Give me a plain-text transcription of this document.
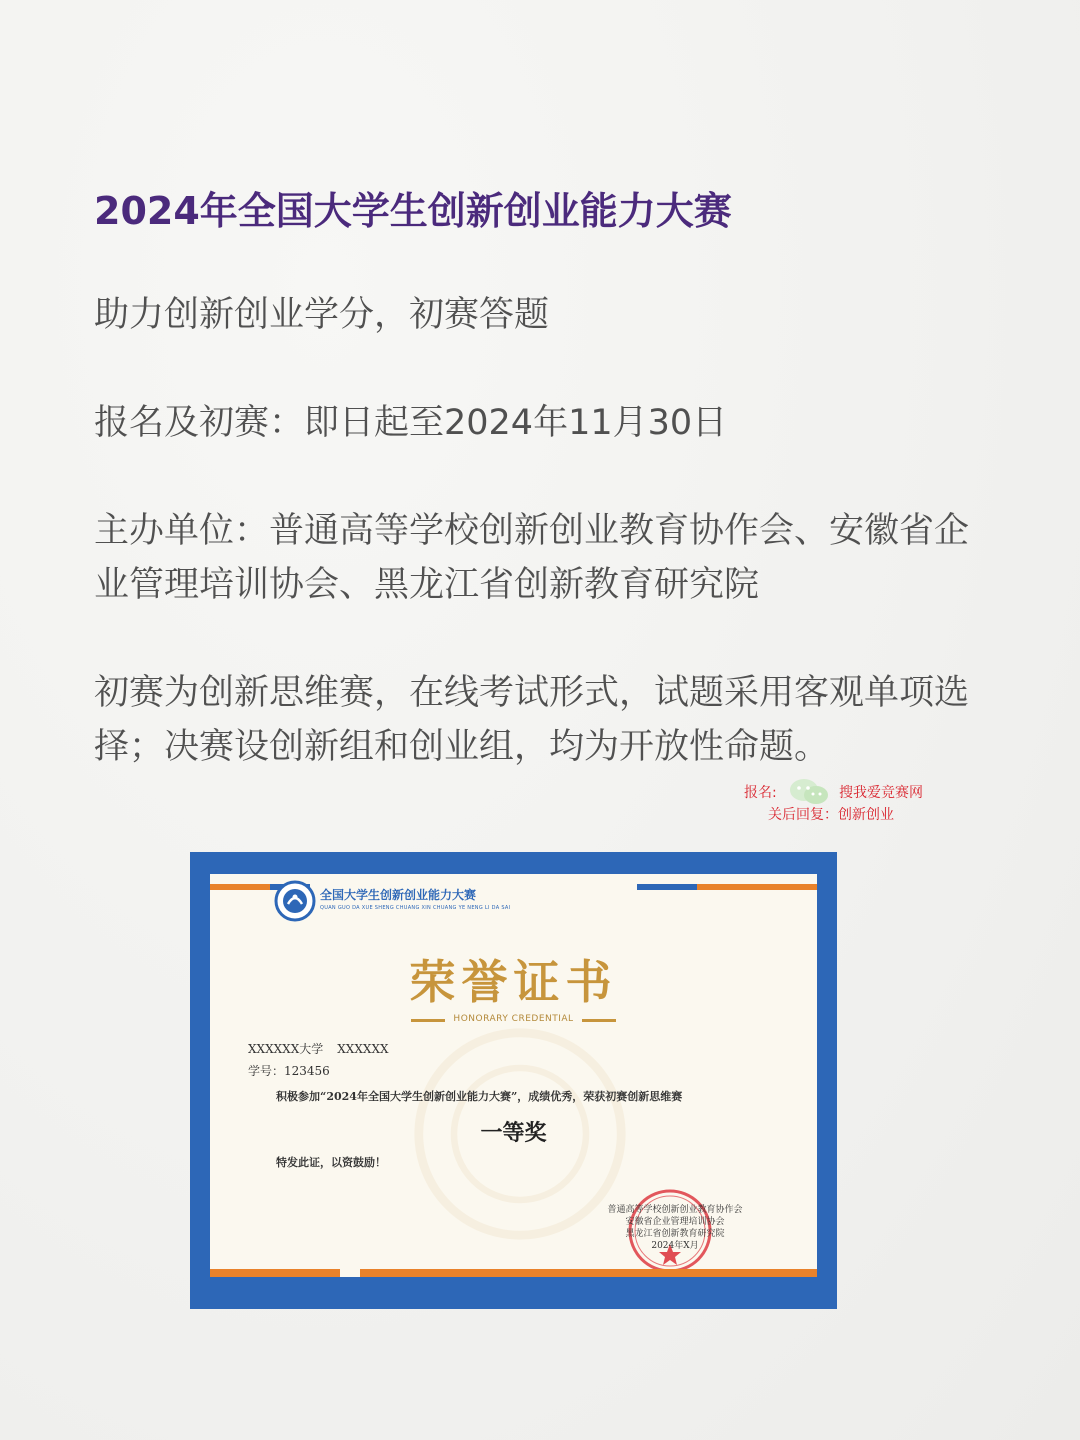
2024年全国大学生创新创业能力大赛
助力创新创业学分，初赛答题
报名及初赛：即日起至2024年11月30日
主办单位：普通高等学校创新创业教育协作会、安徽省企业管理培训协会、黑龙江省创新教育研究院
初赛为创新思维赛，在线考试形式，试题采用客观单项选择；决赛设创新组和创业组，均为开放性命题。
报名:	搜我爱竞赛网
关后回复：创新创业
全国大学生创新创业能力大赛
QUAN GUO DA XUE SHENG CHUANG XIN CHUANG YE NENG LI DA SAI
荣誉证书
HONORARY CREDENTIAL
XXXXXX大学 XXXXXX
学号：123456
积极参加“2024年全国大学生创新创业能力大赛”，成绩优秀，荣获初赛创新思维赛
一等奖
特发此证，以资鼓励！
普通高等学校创新创业教育协作会
安徽省企业管理培训协会
黑龙江省创新教育研究院
2024年X月
